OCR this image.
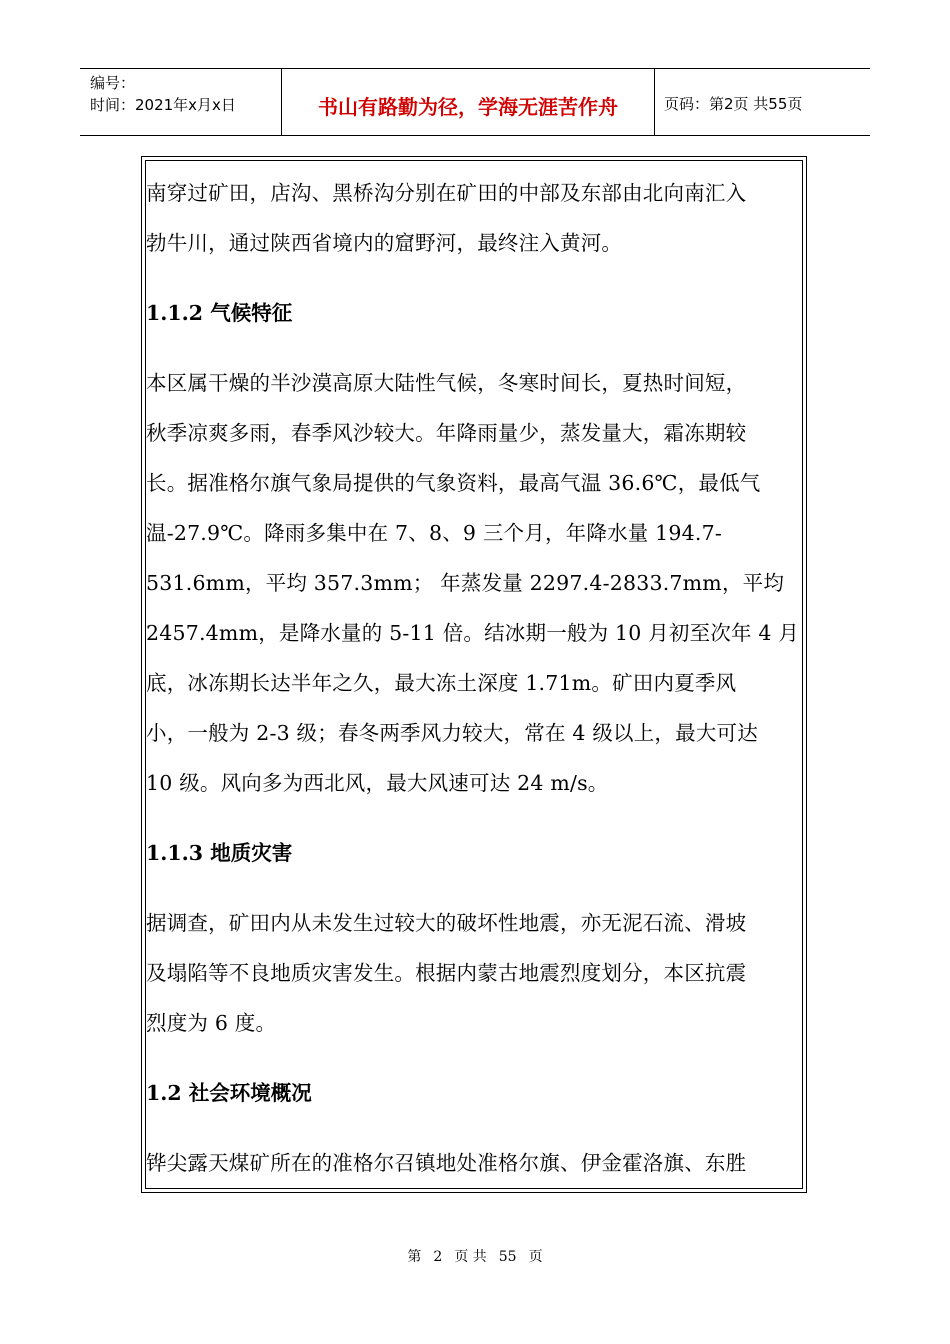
编号：
时间：2021年x月x日	书山有路勤为径，学海无涯苦作舟	页码：第2页 共55页

南穿过矿田，店沟、黑桥沟分别在矿田的中部及东部由北向南汇入

勃牛川，通过陕西省境内的窟野河，最终注入黄河。

1.1.2 气候特征

本区属干燥的半沙漠高原大陆性气候，冬寒时间长，夏热时间短，

秋季凉爽多雨，春季风沙较大。年降雨量少，蒸发量大，霜冻期较

长。据准格尔旗气象局提供的气象资料，最高气温 36.6℃，最低气

温-27.9℃。降雨多集中在 7、8、9 三个月，年降水量 194.7-

531.6mm，平均 357.3mm； 年蒸发量 2297.4-2833.7mm，平均

2457.4mm，是降水量的 5-11 倍。结冰期一般为 10 月初至次年 4 月

底，冰冻期长达半年之久，最大冻土深度 1.71m。矿田内夏季风

小，一般为 2-3 级；春冬两季风力较大，常在 4 级以上，最大可达

10 级。风向多为西北风，最大风速可达 24 m/s。

1.1.3 地质灾害

据调查，矿田内从未发生过较大的破坏性地震，亦无泥石流、滑坡

及塌陷等不良地质灾害发生。根据内蒙古地震烈度划分，本区抗震

烈度为 6 度。

1.2 社会环境概况

铧尖露天煤矿所在的准格尔召镇地处准格尔旗、伊金霍洛旗、东胜

第 2 页 共 55 页
